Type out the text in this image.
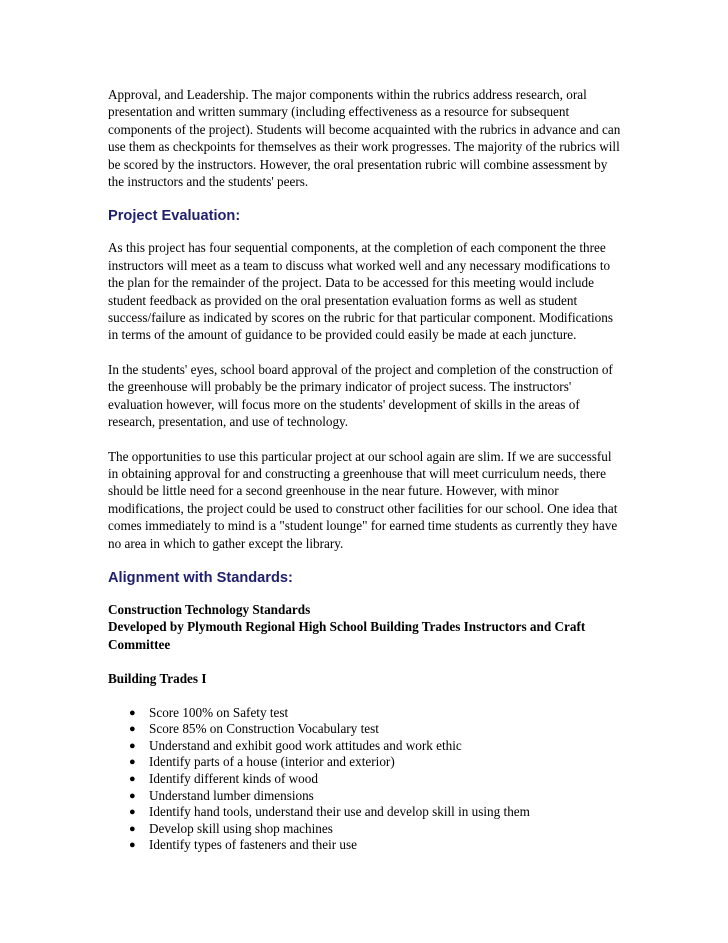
Approval, and Leadership. The major components within the rubrics address research, oral presentation and written summary (including effectiveness as a resource for subsequent components of the project). Students will become acquainted with the rubrics in advance and can use them as checkpoints for themselves as their work progresses. The majority of the rubrics will be scored by the instructors. However, the oral presentation rubric will combine assessment by the instructors and the students' peers.

Project Evaluation:

As this project has four sequential components, at the completion of each component the three instructors will meet as a team to discuss what worked well and any necessary modifications to the plan for the remainder of the project. Data to be accessed for this meeting would include student feedback as provided on the oral presentation evaluation forms as well as student success/failure as indicated by scores on the rubric for that particular component. Modifications in terms of the amount of guidance to be provided could easily be made at each juncture.

In the students' eyes, school board approval of the project and completion of the construction of the greenhouse will probably be the primary indicator of project sucess. The instructors' evaluation however, will focus more on the students' development of skills in the areas of research, presentation, and use of technology.

The opportunities to use this particular project at our school again are slim. If we are successful in obtaining approval for and constructing a greenhouse that will meet curriculum needs, there should be little need for a second greenhouse in the near future. However, with minor modifications, the project could be used to construct other facilities for our school. One idea that comes immediately to mind is a "student lounge" for earned time students as currently they have no area in which to gather except the library.

Alignment with Standards:
Construction Technology Standards
Developed by Plymouth Regional High School Building Trades Instructors and Craft Committee
Building Trades I
● Score 100% on Safety test
● Score 85% on Construction Vocabulary test
● Understand and exhibit good work attitudes and work ethic
● Identify parts of a house (interior and exterior)
● Identify different kinds of wood
● Understand lumber dimensions
● Identify hand tools, understand their use and develop skill in using them
● Develop skill using shop machines
● Identify types of fasteners and their use
